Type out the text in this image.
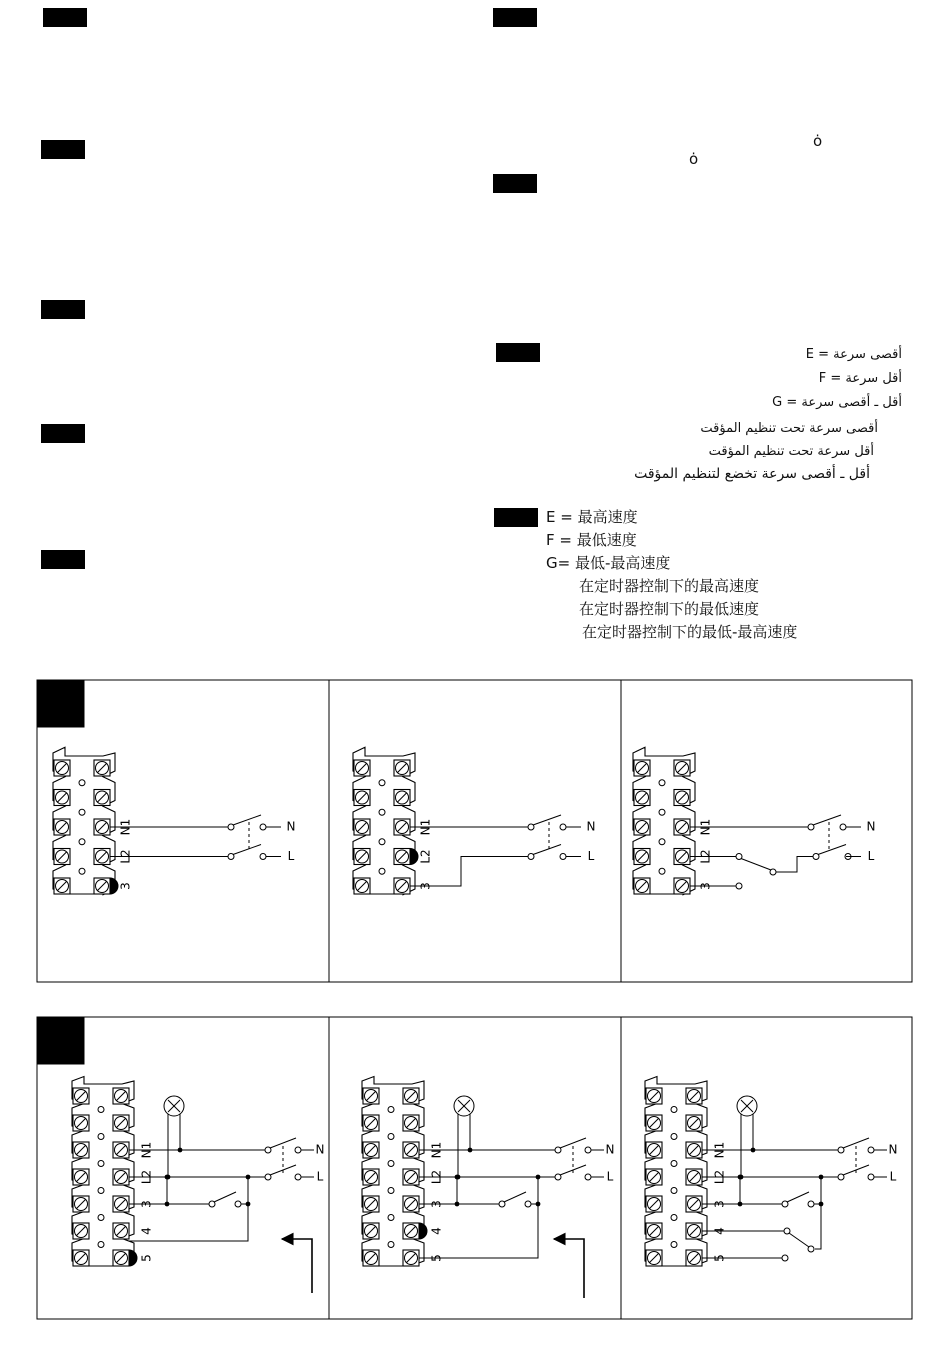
ȯ
ȯ
أقصى سرعة = E
أقل سرعة = F
أقل ـ أقصى سرعة = G
أقصى سرعة تحت تنظيم المؤقت
أقل سرعة تحت تنظيم المؤقت
أقل ـ أقصى سرعة تخضع لتنظيم المؤقت
E = 最高速度
F = 最低速度
G= 最低-最高速度
在定时器控制下的最高速度
在定时器控制下的最低速度
在定时器控制下的最低-最高速度
N1
L2
3
N
L
N1
L2
3
N
L
N1
L2
3
N
L
N1
L2
3
4
5
N
L
N1
L2
3
4
5
N
L
N1
L2
3
4
5
N
L
